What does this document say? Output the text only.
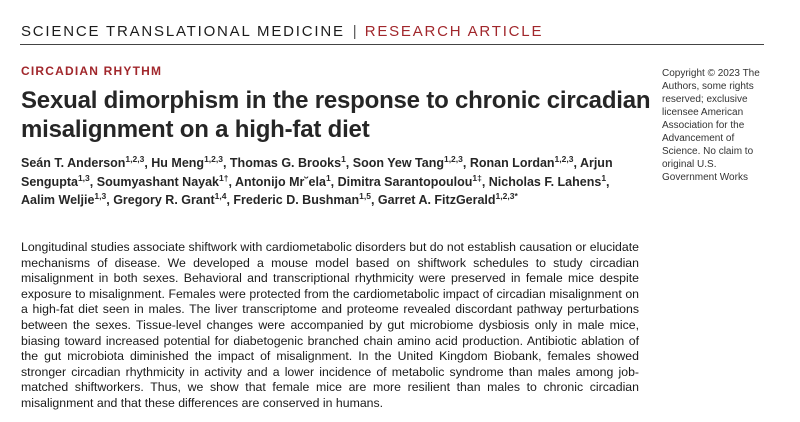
SCIENCE TRANSLATIONAL MEDICINE | RESEARCH ARTICLE
CIRCADIAN RHYTHM
Sexual dimorphism in the response to chronic circadian misalignment on a high-fat diet
Seán T. Anderson$^{1,2,3}$, Hu Meng$^{1,2,3}$, Thomas G. Brooks$^1$, Soon Yew Tang$^{1,2,3}$, Ronan Lordan$^{1,2,3}$, Arjun Sengupta$^{1,3}$, Soumyashant Nayak$^{1\dagger}$, Antonijo Mr˘ela$^1$, Dimitra Sarantopoulou$^{1\ddagger}$, Nicholas F. Lahens$^1$, Aalim Weljie$^{1,3}$, Gregory R. Grant$^{1,4}$, Frederic D. Bushman$^{1,5}$, Garret A. FitzGerald$^{1,2,3*}$
Longitudinal studies associate shiftwork with cardiometabolic disorders but do not establish causation or elucidate mechanisms of disease. We developed a mouse model based on shiftwork schedules to study circadian misalignment in both sexes. Behavioral and transcriptional rhythmicity were preserved in female mice despite exposure to misalignment. Females were protected from the cardiometabolic impact of circadian misalignment on a high-fat diet seen in males. The liver transcriptome and proteome revealed discordant pathway perturbations between the sexes. Tissue-level changes were accompanied by gut microbiome dysbiosis only in male mice, biasing toward increased potential for diabetogenic branched chain amino acid production. Antibiotic ablation of the gut microbiota diminished the impact of misalignment. In the United Kingdom Biobank, females showed stronger circadian rhythmicity in activity and a lower incidence of metabolic syndrome than males among job-matched shiftworkers. Thus, we show that female mice are more resilient than males to chronic circadian misalignment and that these differences are conserved in humans.
Copyright © 2023 The Authors, some rights reserved; exclusive licensee American Association for the Advancement of Science. No claim to original U.S. Government Works
